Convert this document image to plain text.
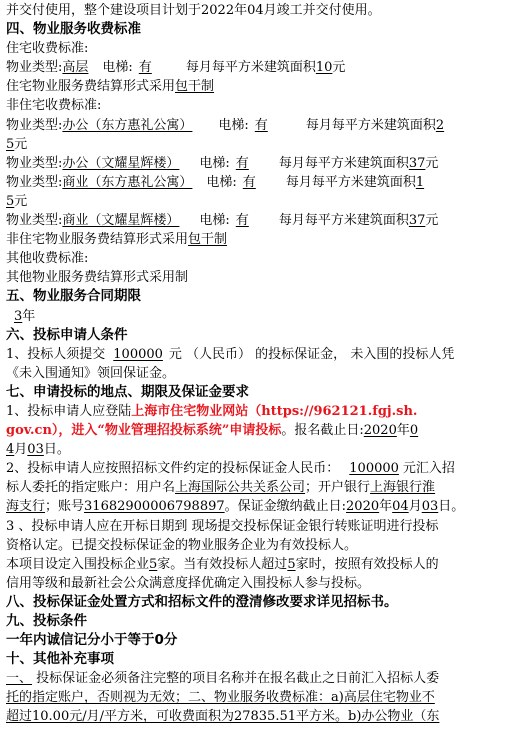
并交付使用，整个建设项目计划于2022年04月竣工并交付使用。
四、物业服务收费标准
住宅收费标准:
物业类型:高层 电梯: 有	每月每平方米建筑面积10元
住宅物业服务费结算形式采用包干制
非住宅收费标准:
物业类型:办公（东方惠礼公寓） 电梯: 有	每月每平方米建筑面积2
5元
物业类型:办公（文耀星辉楼） 电梯: 有 每月每平方米建筑面积37元
物业类型:商业（东方惠礼公寓） 电梯: 有 每月每平方米建筑面积1
5元
物业类型:商业（文耀星辉楼） 电梯: 有 每月每平方米建筑面积37元
非住宅物业服务费结算形式采用包干制
其他收费标准:
其他物业服务费结算形式采用制
五、物业服务合同期限
3年
六、投标申请人条件
1、投标人须提交 100000 元 （人民币） 的投标保证金， 未入围的投标人凭
《未入围通知》领回保证金。
七、申请投标的地点、期限及保证金要求
1、投标申请人应登陆上海市住宅物业网站（https://962121.fgj.sh.
gov.cn），进入“物业管理招投标系统”申请投标。报名截止日:2020年0
4月03日。
2、投标申请人应按照招标文件约定的投标保证金人民币： 100000 元汇入招
标人委托的指定账户：用户名上海国际公共关系公司；开户银行上海银行淮
海支行；账号31682900006798897。保证金缴纳截止日:2020年04月03日。
3 、投标申请人应在开标日期到 现场提交投标保证金银行转账证明进行投标
资格认定。已提交投标保证金的物业服务企业为有效投标人。
本项目设定入围投标企业5家。当有效投标人超过5家时，按照有效投标人的
信用等级和最新社会公众满意度择优确定入围投标人参与投标。
八、投标保证金处置方式和招标文件的澄清修改要求详见招标书。
九、投标条件
一年内诚信记分小于等于0分
十、其他补充事项
一、 投标保证金必须备注完整的项目名称并在报名截止之日前汇入招标人委
托的指定账户，否则视为无效；二、物业服务收费标准：a)高层住宅物业不
超过10.00元/月/平方米，可收费面积为27835.51平方米。b)办公物业（东
